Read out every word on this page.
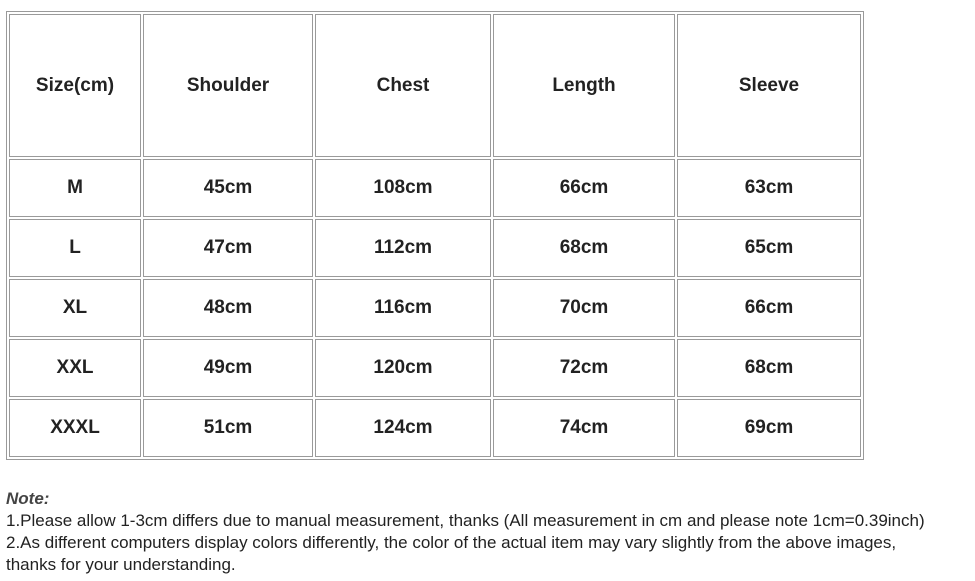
Size(cm)	Shoulder	Chest	Length	Sleeve
M	45cm	108cm	66cm	63cm
L	47cm	112cm	68cm	65cm
XL	48cm	116cm	70cm	66cm
XXL	49cm	120cm	72cm	68cm
XXXL	51cm	124cm	74cm	69cm
Note:
1.Please allow 1-3cm differs due to manual measurement, thanks (All measurement in cm and please note 1cm=0.39inch)
2.As different computers display colors differently, the color of the actual item may vary slightly from the above images,
thanks for your understanding.
